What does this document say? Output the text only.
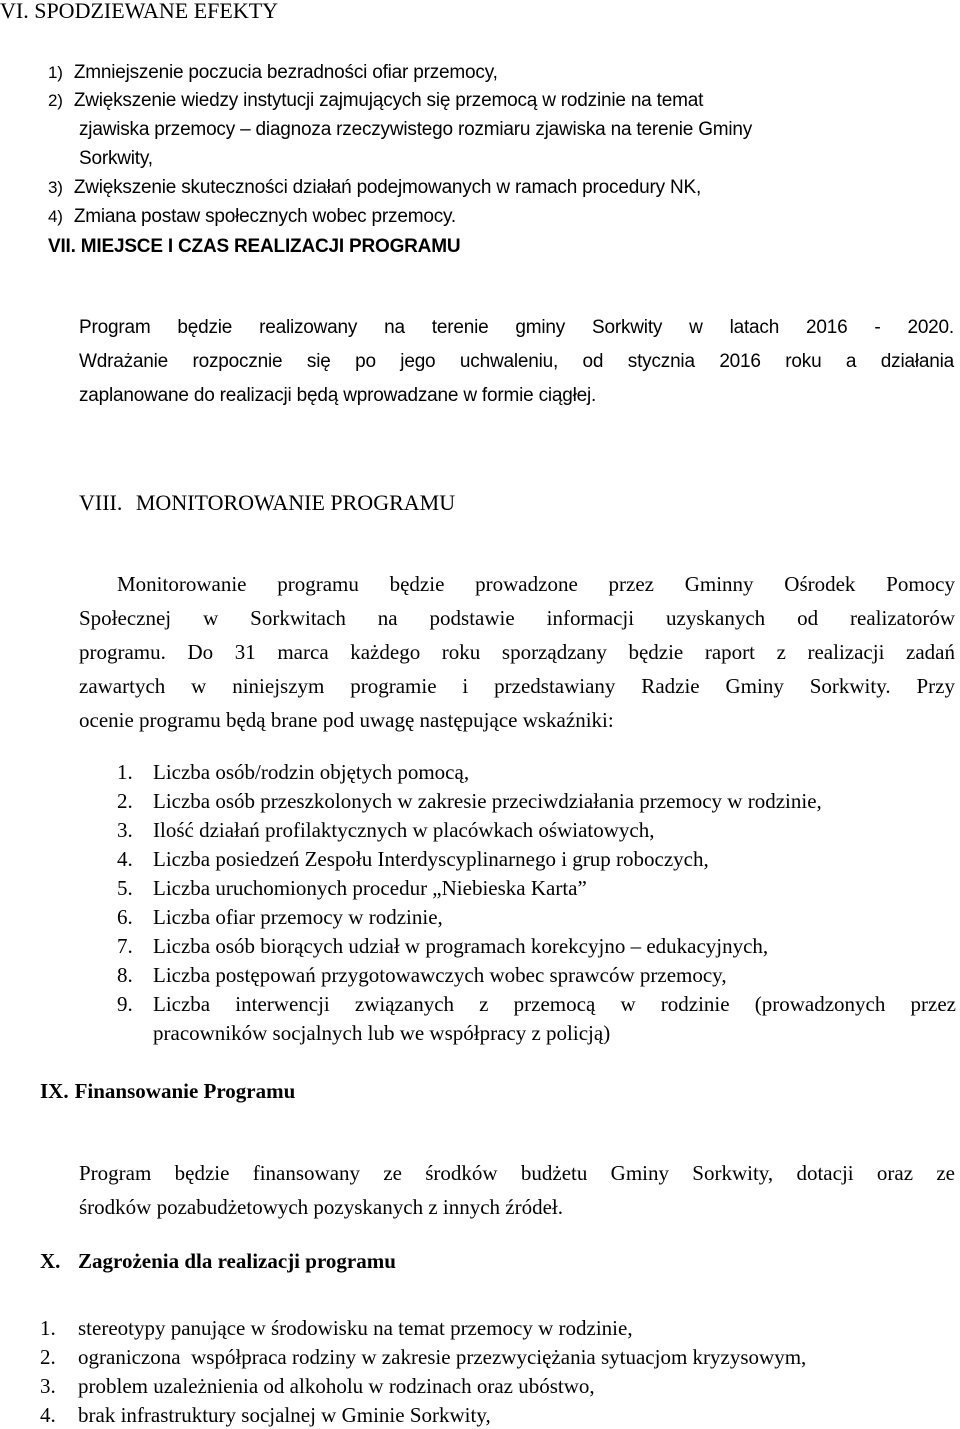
VI. SPODZIEWANE EFEKTY
1) Zmniejszenie poczucia bezradności ofiar przemocy,
2) Zwiększenie wiedzy instytucji zajmujących się przemocą w rodzinie na temat
zjawiska przemocy – diagnoza rzeczywistego rozmiaru zjawiska na terenie Gminy
Sorkwity,
3) Zwiększenie skuteczności działań podejmowanych w ramach procedury NK,
4) Zmiana postaw społecznych wobec przemocy.
VII. MIEJSCE I CZAS REALIZACJI PROGRAMU
Program będzie realizowany na terenie gminy Sorkwity w latach 2016 - 2020.
Wdrażanie rozpocznie się po jego uchwaleniu, od stycznia 2016 roku a działania
zaplanowane do realizacji będą wprowadzane w formie ciągłej.
VIII. MONITOROWANIE PROGRAMU
Monitorowanie programu będzie prowadzone przez Gminny Ośrodek Pomocy
Społecznej w Sorkwitach na podstawie informacji uzyskanych od realizatorów
programu. Do 31 marca każdego roku sporządzany będzie raport z realizacji zadań
zawartych w niniejszym programie i przedstawiany Radzie Gminy Sorkwity. Przy
ocenie programu będą brane pod uwagę następujące wskaźniki:
1. Liczba osób/rodzin objętych pomocą,
2. Liczba osób przeszkolonych w zakresie przeciwdziałania przemocy w rodzinie,
3. Ilość działań profilaktycznych w placówkach oświatowych,
4. Liczba posiedzeń Zespołu Interdyscyplinarnego i grup roboczych,
5. Liczba uruchomionych procedur „Niebieska Karta”
6. Liczba ofiar przemocy w rodzinie,
7. Liczba osób biorących udział w programach korekcyjno – edukacyjnych,
8. Liczba postępowań przygotowawczych wobec sprawców przemocy,
9. Liczba interwencji związanych z przemocą w rodzinie (prowadzonych przez
pracowników socjalnych lub we współpracy z policją)
IX. Finansowanie Programu
Program będzie finansowany ze środków budżetu Gminy Sorkwity, dotacji oraz ze
środków pozabudżetowych pozyskanych z innych źródeł.
X. Zagrożenia dla realizacji programu
1. stereotypy panujące w środowisku na temat przemocy w rodzinie,
2. ograniczona  współpraca rodziny w zakresie przezwyciężania sytuacjom kryzysowym,
3. problem uzależnienia od alkoholu w rodzinach oraz ubóstwo,
4. brak infrastruktury socjalnej w Gminie Sorkwity,
